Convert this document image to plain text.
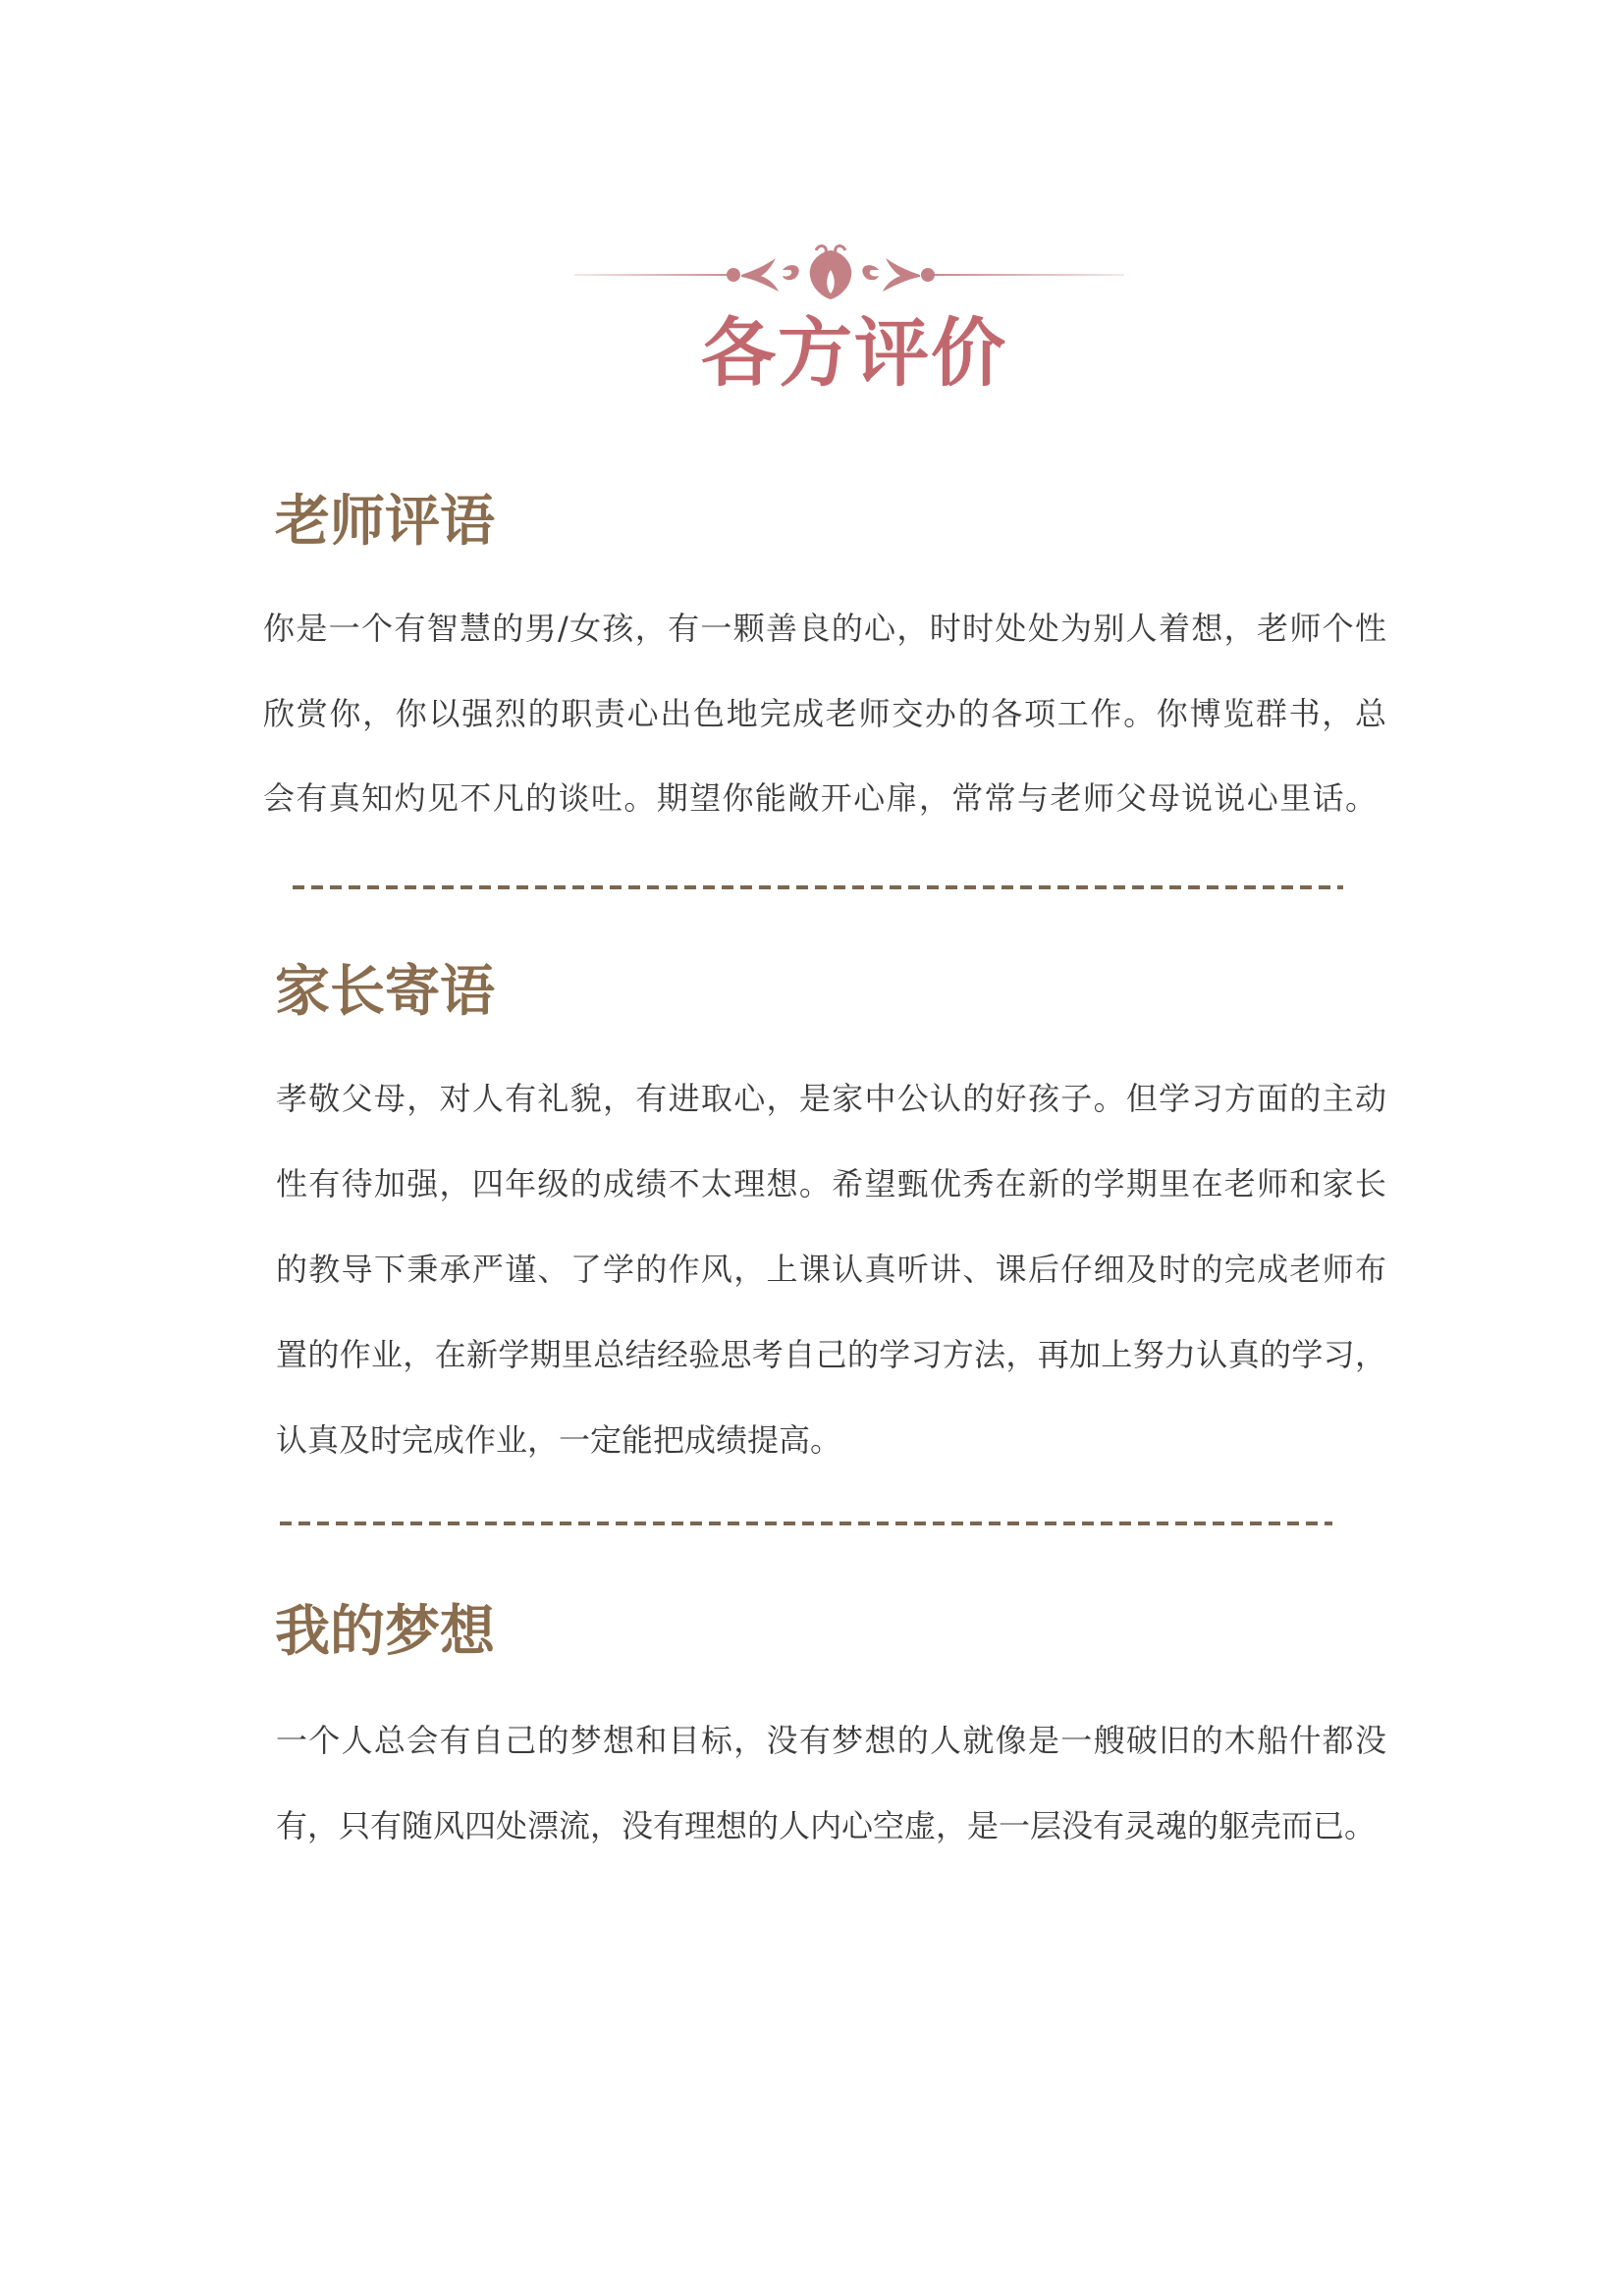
各方评价
老师评语
你是一个有智慧的男/女孩，有一颗善良的心，时时处处为别人着想，老师个性
欣赏你，你以强烈的职责心出色地完成老师交办的各项工作。你博览群书，总
会有真知灼见不凡的谈吐。期望你能敞开心扉，常常与老师父母说说心里话。
家长寄语
孝敬父母，对人有礼貌，有进取心，是家中公认的好孩子。但学习方面的主动
性有待加强，四年级的成绩不太理想。希望甄优秀在新的学期里在老师和家长
的教导下秉承严谨、了学的作风，上课认真听讲、课后仔细及时的完成老师布
置的作业，在新学期里总结经验思考自己的学习方法，再加上努力认真的学习，
认真及时完成作业，一定能把成绩提高。
我的梦想
一个人总会有自己的梦想和目标，没有梦想的人就像是一艘破旧的木船什都没
有，只有随风四处漂流，没有理想的人内心空虚，是一层没有灵魂的躯壳而已。
